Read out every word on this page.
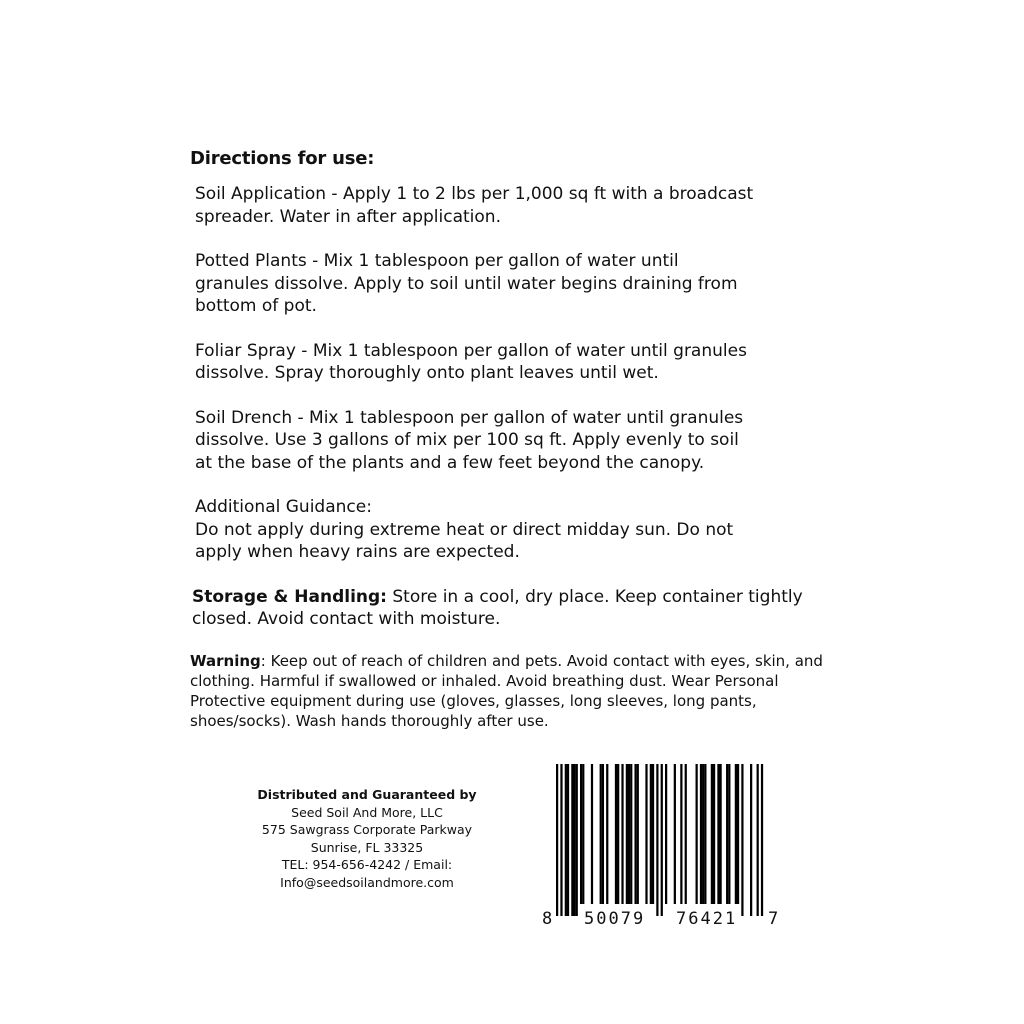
Directions for use:

Soil Application - Apply 1 to 2 lbs per 1,000 sq ft with a broadcast
spreader. Water in after application.

Potted Plants - Mix 1 tablespoon per gallon of water until
granules dissolve. Apply to soil until water begins draining from
bottom of pot.

Foliar Spray - Mix 1 tablespoon per gallon of water until granules
dissolve. Spray thoroughly onto plant leaves until wet.

Soil Drench - Mix 1 tablespoon per gallon of water until granules
dissolve. Use 3 gallons of mix per 100 sq ft. Apply evenly to soil
at the base of the plants and a few feet beyond the canopy.

Additional Guidance:
Do not apply during extreme heat or direct midday sun. Do not
apply when heavy rains are expected.

Storage & Handling: Store in a cool, dry place. Keep container tightly closed. Avoid contact with moisture.
Warning: Keep out of reach of children and pets. Avoid contact with eyes, skin, and clothing. Harmful if swallowed or inhaled. Avoid breathing dust. Wear Personal Protective equipment during use (gloves, glasses, long sleeves, long pants, shoes/socks). Wash hands thoroughly after use.
Distributed and Guaranteed by
Seed Soil And More, LLC
575 Sawgrass Corporate Parkway
Sunrise, FL 33325
TEL: 954-656-4242 / Email:
Info@seedsoilandmore.com
8 50079 76421 7
